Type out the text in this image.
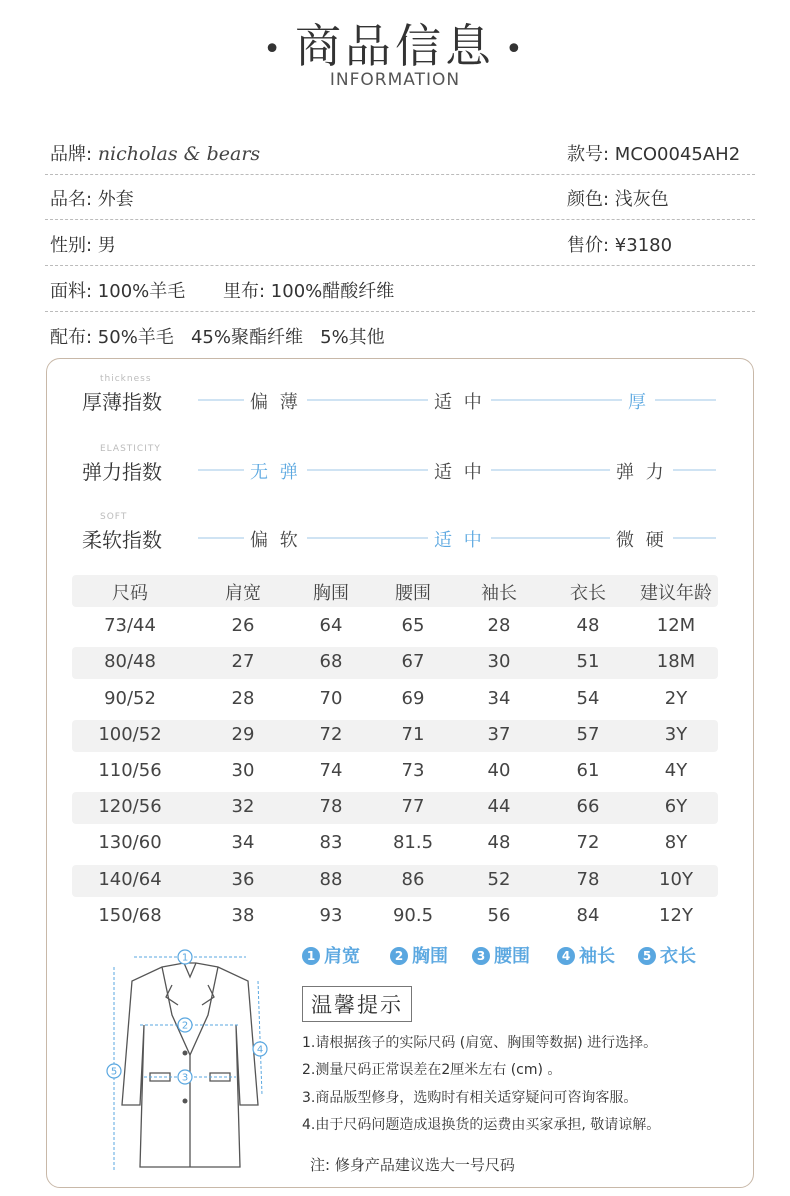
• 商品信息 •
INFORMATION
品牌: nicholas & bears	款号: MCO0045AH2
品名: 外套	颜色: 浅灰色
性别: 男	售价: ¥3180
面料: 100%羊毛 里布: 100%醋酸纤维
配布: 50%羊毛   45%聚酯纤维   5%其他
thickness
厚薄指数	偏 薄	适 中	厚
ELASTICITY
弹力指数	无 弹	适 中	弹 力
SOFT
柔软指数	偏 软	适 中	微 硬
尺码	肩宽	胸围	腰围	袖长	衣长	建议年龄
73/44	26	64	65	28	48	12M
80/48	27	68	67	30	51	18M
90/52	28	70	69	34	54	2Y
100/52	29	72	71	37	57	3Y
110/56	30	74	73	40	61	4Y
120/56	32	78	77	44	66	6Y
130/60	34	83	81.5	48	72	8Y
140/64	36	88	86	52	78	10Y
150/68	38	93	90.5	56	84	12Y
1 肩宽	2 胸围	3 腰围	4 袖长	5 衣长
1
2
3
4
5
温馨提示
1.请根据孩子的实际尺码 (肩宽、胸围等数据) 进行选择。
2.测量尺码正常误差在2厘米左右 (cm) 。
3.商品版型修身，选购时有相关适穿疑问可咨询客服。
4.由于尺码问题造成退换货的运费由买家承担, 敬请谅解。
注: 修身产品建议选大一号尺码
